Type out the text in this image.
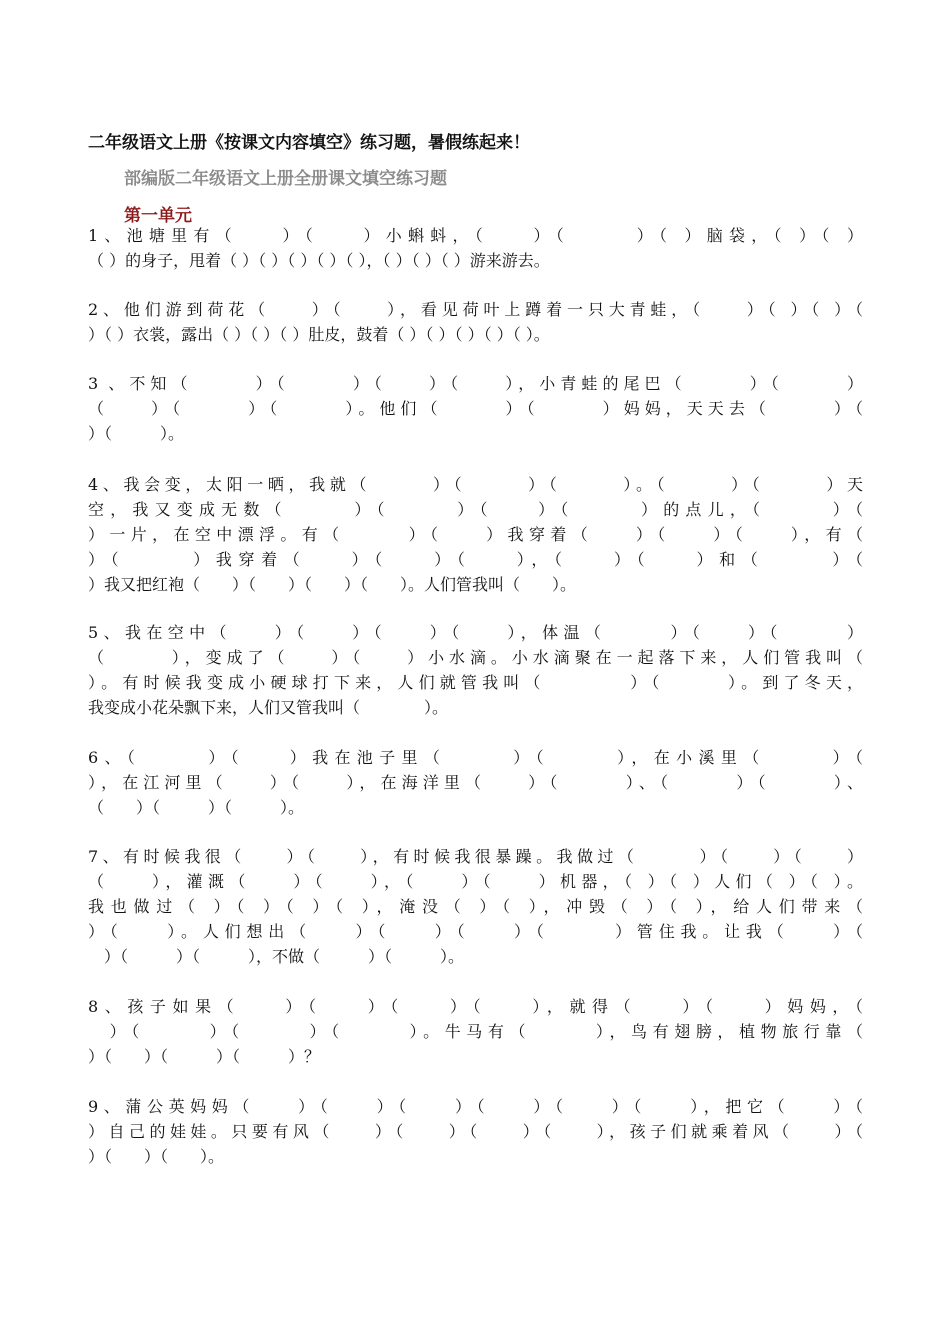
二年级语文上册《按课文内容填空》练习题，暑假练起来！
部编版二年级语文上册全册课文填空练习题
第一单元
1、池塘里有（　　）（　　）小蝌蚪，（　　）（　　　）（ ）脑袋，（ ）（ ）
（ ）的身子，甩着（ ）（ ）（ ）（ ）（ ），（ ）（ ）（ ）游来游去。
2、他们游到荷花（　　）（　　），看见荷叶上蹲着一只大青蛙，（　　）（ ）（ ）（
）（ ）衣裳，露出（ ）（ ）（ ）肚皮，鼓着（ ）（ ）（ ）（ ）（ ）。
3 、不知（　　　）（　　　）（　　）（　　），小青蛙的尾巴（　　　）（　　　）
（　　）（　　　）（　　　）。他们（　　　）（　　　）妈妈，天天去（　　　）（
）（　　　）。
4、我会变，太阳一晒，我就（　　　）（　　　）（　　　）。（　　　）（　　　）天
空，我又变成无数（　　　）（　　　）（　　）（　　　）的点儿，（　　　）（
）一片，在空中漂浮。有（　　　）（　　）我穿着（　　）（　　）（　　），有（
）（　　　）我穿着（　　）（　　）（　　），（　　）（　　）和（　　　）（
）我又把红袍（　　）（　　）（　　）（　　）。人们管我叫（　　）。
5、我在空中（　　）（　　）（　　）（　　），体温（　　　）（　　）（　　　）
（　　　），变成了（　　）（　　）小水滴。小水滴聚在一起落下来，人们管我叫（
）。有时候我变成小硬球打下来，人们就管我叫（　　　　）（　　　）。到了冬天，
我变成小花朵飘下来，人们又管我叫（　　　　）。
6、（　　　）（　　）我在池子里（　　　）（　　　），在小溪里（　　　）（
），在江河里（　　）（　　），在海洋里（　　）（　　　）、（　　　）（　　　）、
（　　）（　　　）（　　　）。
7、有时候我很（　　）（　　），有时候我很暴躁。我做过（　　　）（　　）（　　）
（　　），灌溉（　　）（　　），（　　）（　　）机器，（ ）（ ）人们（ ）（ ）。
我也做过（ ）（ ）（ ）（ ），淹没（ ）（ ），冲毁（ ）（ ），给人们带来（
）（　　）。人们想出（　　）（　　）（　　）（　　　）管住我。让我（　　）（
　）（　　　）（　　　），不做（　　　）（　　　）。
8、孩子如果（　　）（　　）（　　）（　　），就得（　　）（　　）妈妈，（
　）（　　　）（　　　）（　　　）。牛马有（　　　），鸟有翅膀，植物旅行靠（
）（　　）（　　　）（　　　）？
9、蒲公英妈妈（　　）（　　）（　　）（　　）（　　）（　　），把它（　　）（
）自己的娃娃。只要有风（　　）（　　）（　　）（　　），孩子们就乘着风（　　）（
）（　　）（　　）。
